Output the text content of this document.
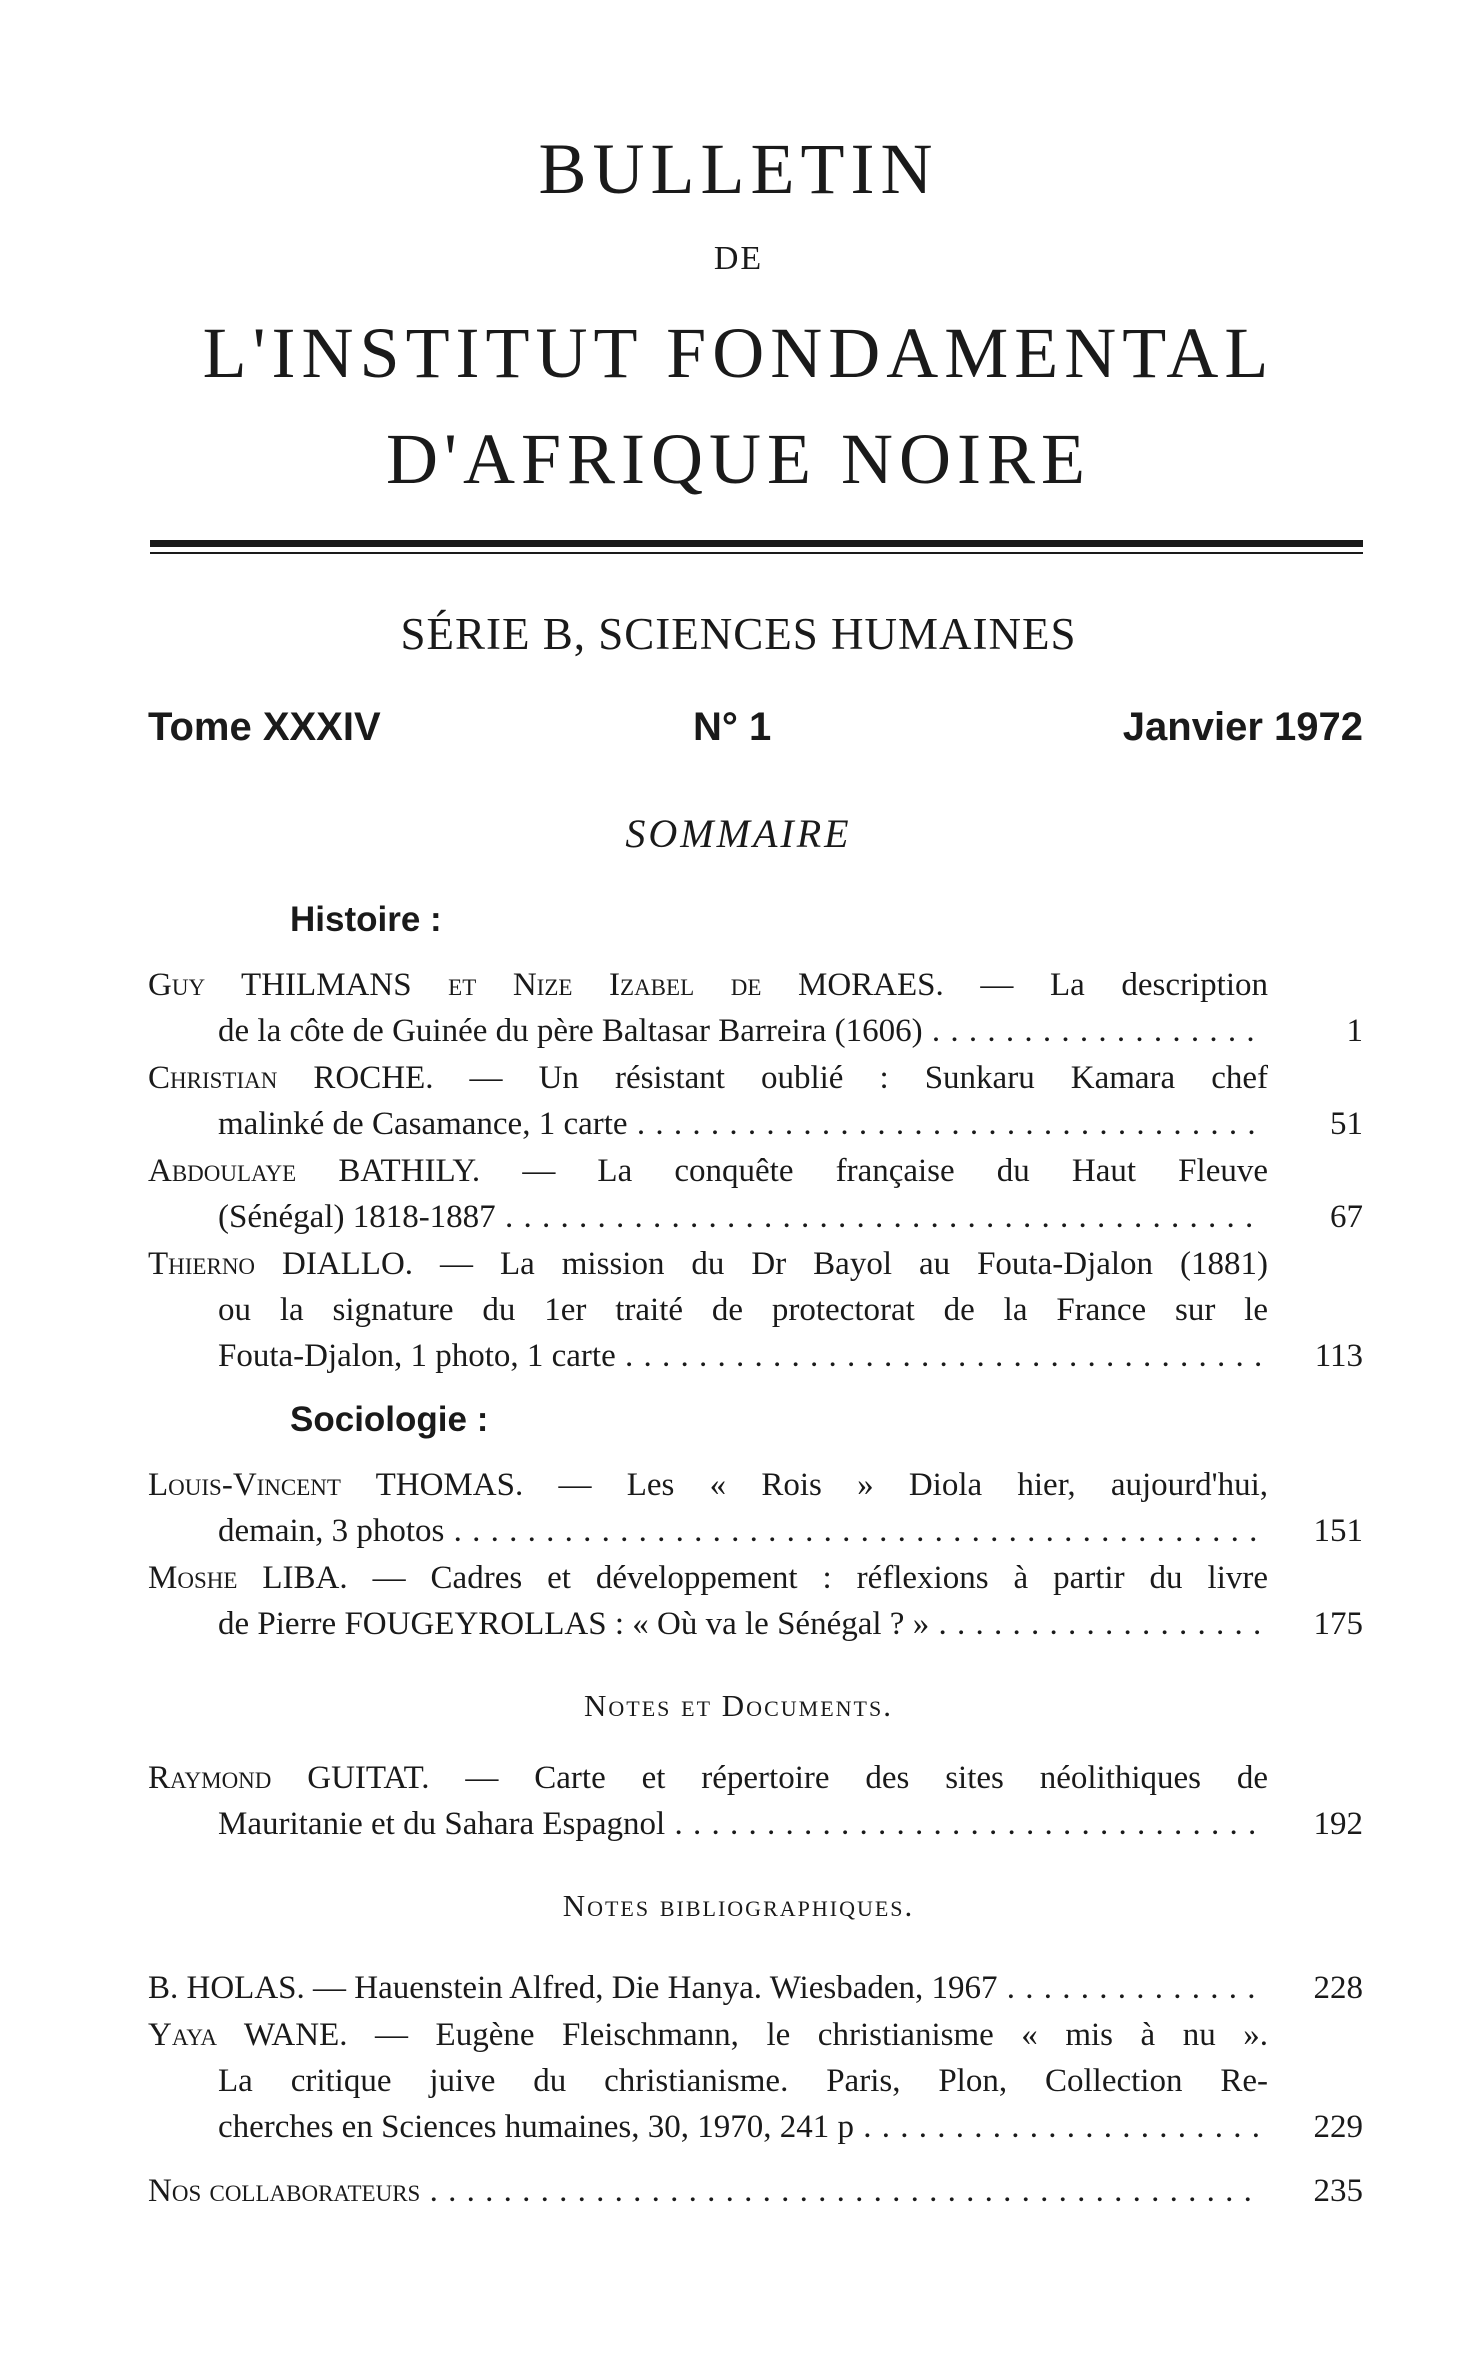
BULLETIN
DE
L'INSTITUT FONDAMENTAL
D'AFRIQUE NOIRE
SÉRIE B, SCIENCES HUMAINES
Tome XXXIV	N° 1	Janvier 1972
SOMMAIRE
Histoire :
Guy THILMANS et Nize Izabel de MORAES. — La description
de la côte de Guinée du père Baltasar Barreira (1606) . . .	1
Christian ROCHE. — Un résistant oublié : Sunkaru Kamara chef
malinké de Casamance, 1 carte . . .	51
Abdoulaye BATHILY. — La conquête française du Haut Fleuve
(Sénégal) 1818-1887 . . .	67
Thierno DIALLO. — La mission du Dr Bayol au Fouta-Djalon (1881)
ou la signature du 1er traité de protectorat de la France sur le
Fouta-Djalon, 1 photo, 1 carte . . .	113
Sociologie :
Louis-Vincent THOMAS. — Les « Rois » Diola hier, aujourd'hui,
demain, 3 photos . . .	151
Moshe LIBA. — Cadres et développement : réflexions à partir du livre
de Pierre FOUGEYROLLAS : « Où va le Sénégal ? » . . .	175
Notes et Documents.
Raymond GUITAT. — Carte et répertoire des sites néolithiques de
Mauritanie et du Sahara Espagnol . . .	192
Notes bibliographiques.
B. HOLAS. — Hauenstein Alfred, Die Hanya. Wiesbaden, 1967 . . .	228
Yaya WANE. — Eugène Fleischmann, le christianisme « mis à nu ».
La critique juive du christianisme. Paris, Plon, Collection Re-
cherches en Sciences humaines, 30, 1970, 241 p . . .	229
Nos collaborateurs . . .	235
